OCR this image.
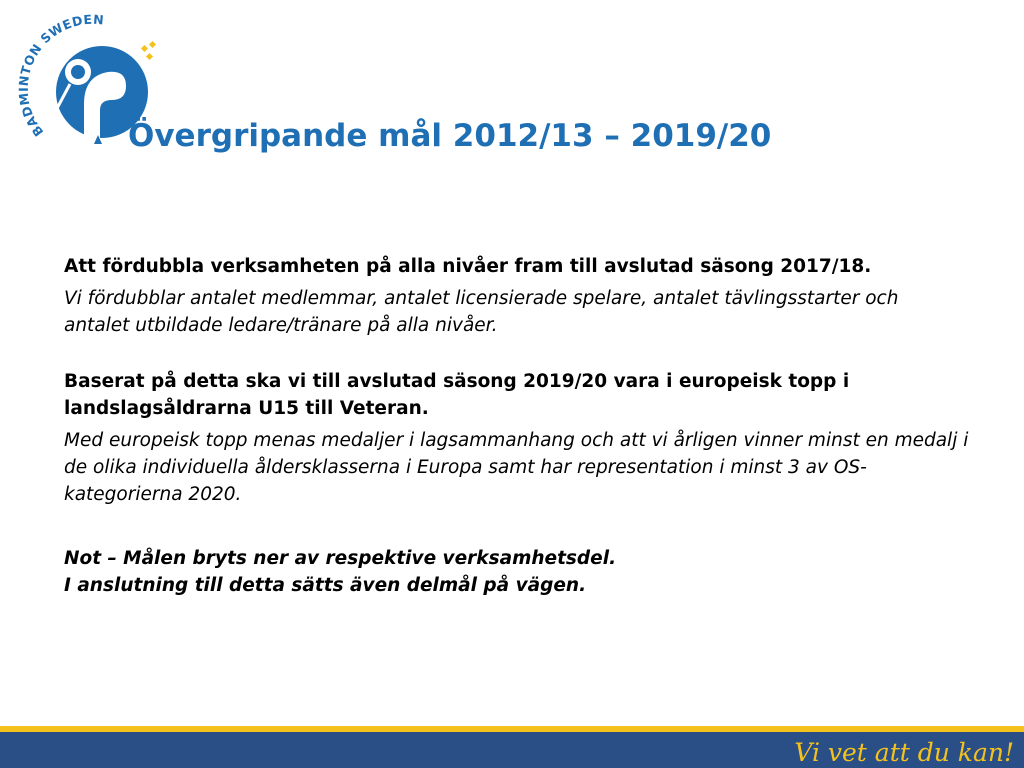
BADMINTON SWEDEN
Övergripande mål 2012/13 – 2019/20

Att fördubbla verksamheten på alla nivåer fram till avslutad säsong 2017/18.

Vi fördubblar antalet medlemmar, antalet licensierade spelare, antalet tävlingsstarter och antalet utbildade ledare/tränare på alla nivåer.

Baserat på detta ska vi till avslutad säsong 2019/20 vara i europeisk topp i landslagsåldrarna U15 till Veteran.

Med europeisk topp menas medaljer i lagsammanhang och att vi årligen vinner minst en medalj i de olika individuella åldersklasserna i Europa samt har representation i minst 3 av OS-kategorierna 2020.

Not – Målen bryts ner av respektive verksamhetsdel.

I anslutning till detta sätts även delmål på vägen.

Vi vet att du kan!
